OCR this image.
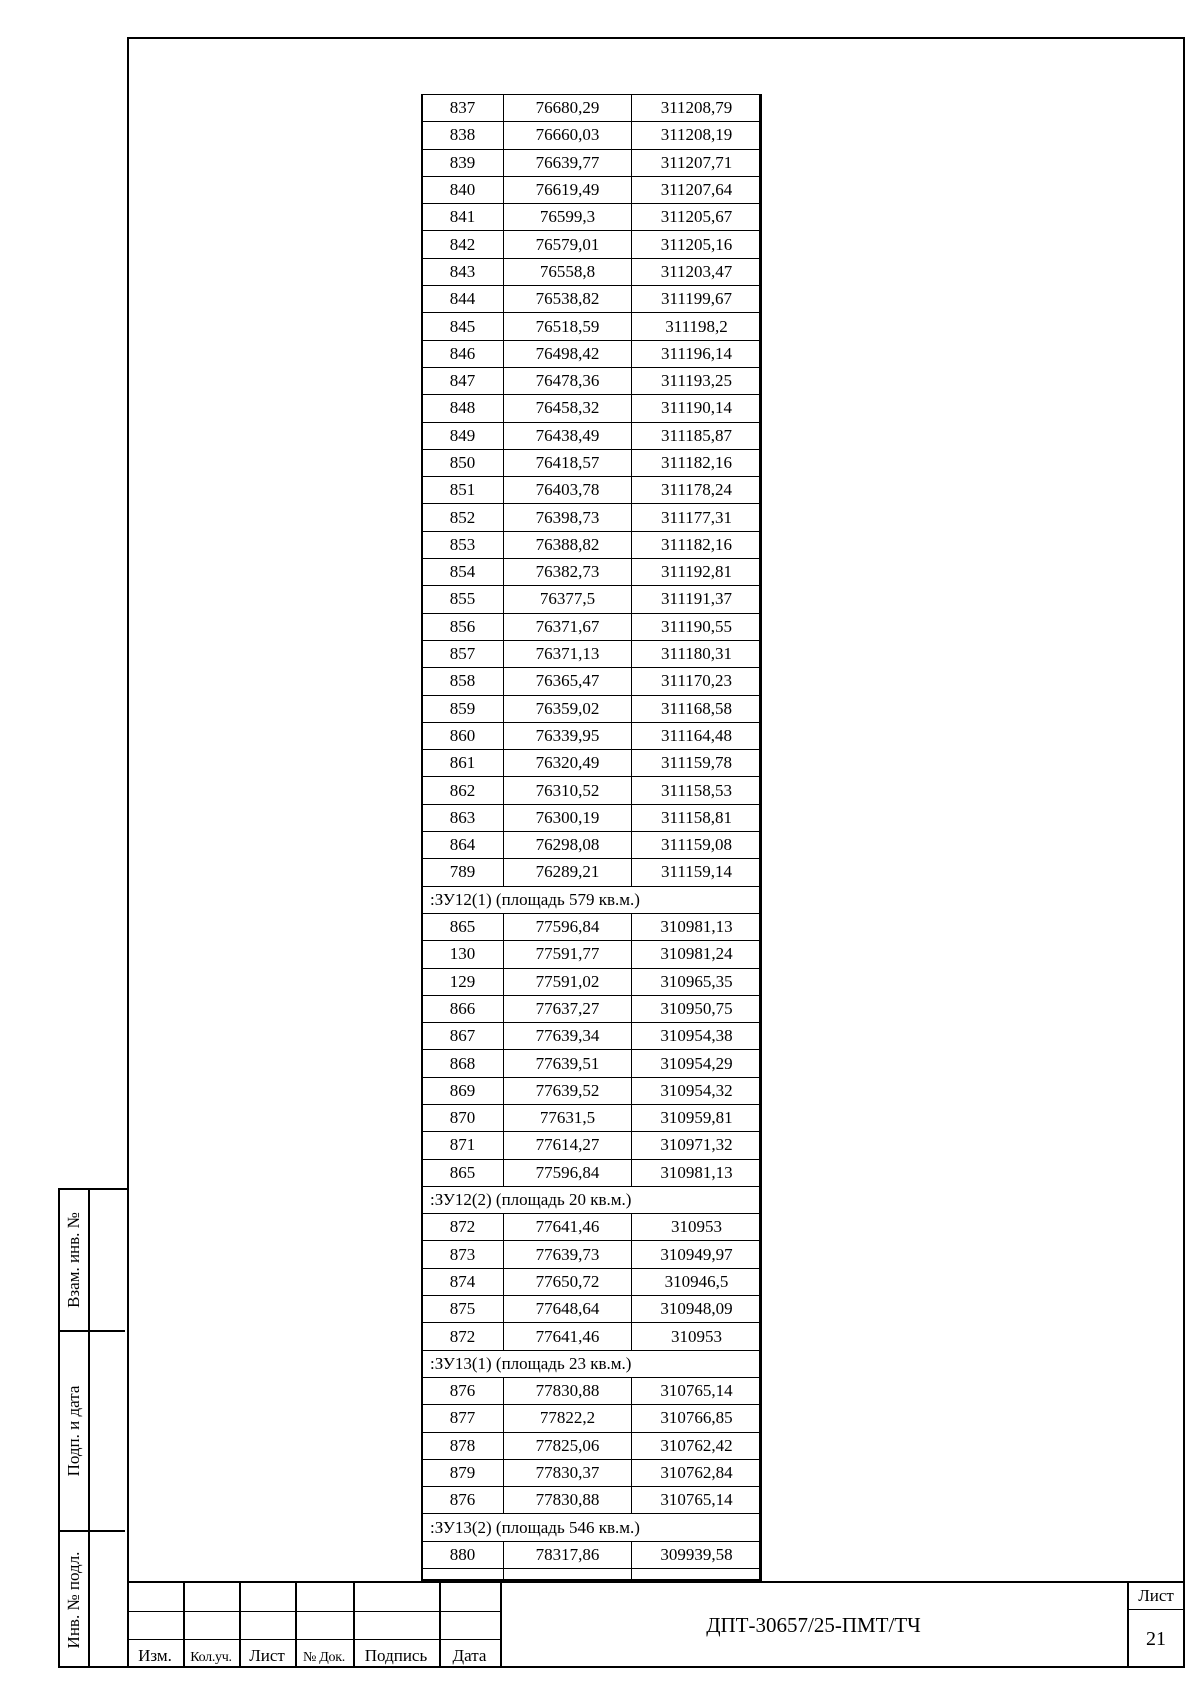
837	76680,29	311208,79
838	76660,03	311208,19
839	76639,77	311207,71
840	76619,49	311207,64
841	76599,3	311205,67
842	76579,01	311205,16
843	76558,8	311203,47
844	76538,82	311199,67
845	76518,59	311198,2
846	76498,42	311196,14
847	76478,36	311193,25
848	76458,32	311190,14
849	76438,49	311185,87
850	76418,57	311182,16
851	76403,78	311178,24
852	76398,73	311177,31
853	76388,82	311182,16
854	76382,73	311192,81
855	76377,5	311191,37
856	76371,67	311190,55
857	76371,13	311180,31
858	76365,47	311170,23
859	76359,02	311168,58
860	76339,95	311164,48
861	76320,49	311159,78
862	76310,52	311158,53
863	76300,19	311158,81
864	76298,08	311159,08
789	76289,21	311159,14
:ЗУ12(1) (площадь 579 кв.м.)		
865	77596,84	310981,13
130	77591,77	310981,24
129	77591,02	310965,35
866	77637,27	310950,75
867	77639,34	310954,38
868	77639,51	310954,29
869	77639,52	310954,32
870	77631,5	310959,81
871	77614,27	310971,32
865	77596,84	310981,13
:ЗУ12(2) (площадь 20 кв.м.)		
872	77641,46	310953
873	77639,73	310949,97
874	77650,72	310946,5
875	77648,64	310948,09
872	77641,46	310953
:ЗУ13(1) (площадь 23 кв.м.)		
876	77830,88	310765,14
877	77822,2	310766,85
878	77825,06	310762,42
879	77830,37	310762,84
876	77830,88	310765,14
:ЗУ13(2) (площадь 546 кв.м.)		
880	78317,86	309939,58

Взам. инв. №
Подп. и дата
Инв. № подл.
Изм.	Кол.уч.	Лист	№ Док.	Подпись	Дата
ДПТ-30657/25-ПМТ/ТЧ
Лист
21
